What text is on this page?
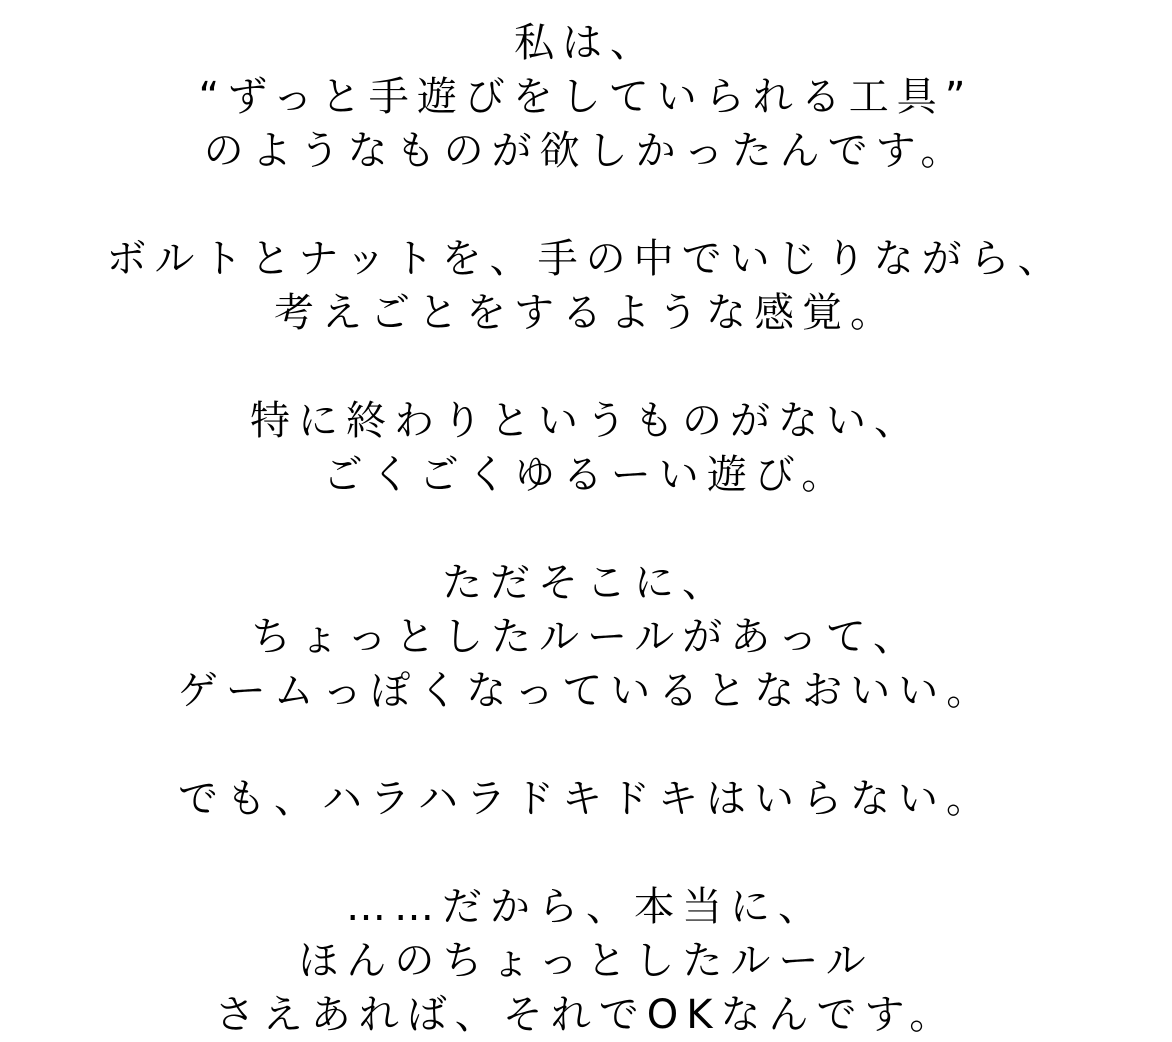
私は、
“ずっと手遊びをしていられる工具”
のようなものが欲しかったんです。
ボルトとナットを、手の中でいじりながら、
考えごとをするような感覚。
特に終わりというものがない、
ごくごくゆるーい遊び。
ただそこに、
ちょっとしたルールがあって、
ゲームっぽくなっているとなおいい。
でも、ハラハラドキドキはいらない。
……だから、本当に、
ほんのちょっとしたルール
さえあれば、それでOKなんです。
